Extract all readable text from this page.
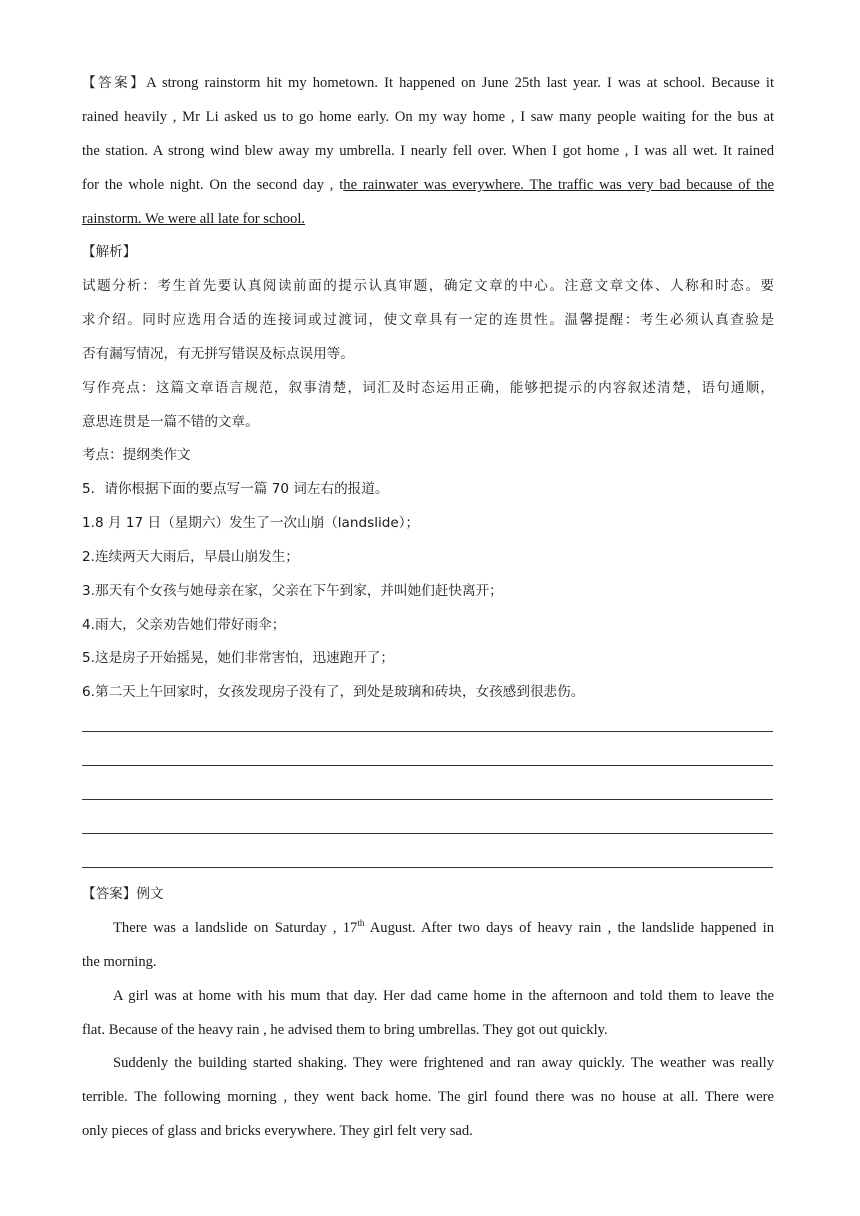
【答案】A strong rainstorm hit my hometown. It happened on June 25th last year. I was at school. Because it
rained heavily , Mr Li asked us to go home early. On my way home , I saw many people waiting for the bus at
the station. A strong wind blew away my umbrella. I nearly fell over. When I got home , I was all wet. It rained
for the whole night. On the second day , the rainwater was everywhere. The traffic was very bad because of the
rainstorm. We were all late for school.
【解析】
试题分析：考生首先要认真阅读前面的提示认真审题，确定文章的中心。注意文章文体、人称和时态。要
求介绍。同时应选用合适的连接词或过渡词，使文章具有一定的连贯性。温馨提醒：考生必须认真查验是
否有漏写情况，有无拼写错误及标点误用等。
写作亮点：这篇文章语言规范，叙事清楚，词汇及时态运用正确，能够把提示的内容叙述清楚，语句通顺，
意思连贯是一篇不错的文章。
考点：提纲类作文
5．请你根据下面的要点写一篇 70 词左右的报道。
1.8 月 17 日（星期六）发生了一次山崩（landslide）；
2.连续两天大雨后，早晨山崩发生；
3.那天有个女孩与她母亲在家，父亲在下午到家，并叫她们赶快离开；
4.雨大，父亲劝告她们带好雨伞；
5.这是房子开始摇晃，她们非常害怕，迅速跑开了；
6.第二天上午回家时，女孩发现房子没有了，到处是玻璃和砖块，女孩感到很悲伤。
【答案】例文
There was a landslide on Saturday , 17th August. After two days of heavy rain , the landslide happened in
the morning.
A girl was at home with his mum that day. Her dad came home in the afternoon and told them to leave the
flat. Because of the heavy rain , he advised them to bring umbrellas. They got out quickly.
Suddenly the building started shaking. They were frightened and ran away quickly. The weather was really
terrible. The following morning , they went back home. The girl found there was no house at all. There were
only pieces of glass and bricks everywhere. They girl felt very sad.
